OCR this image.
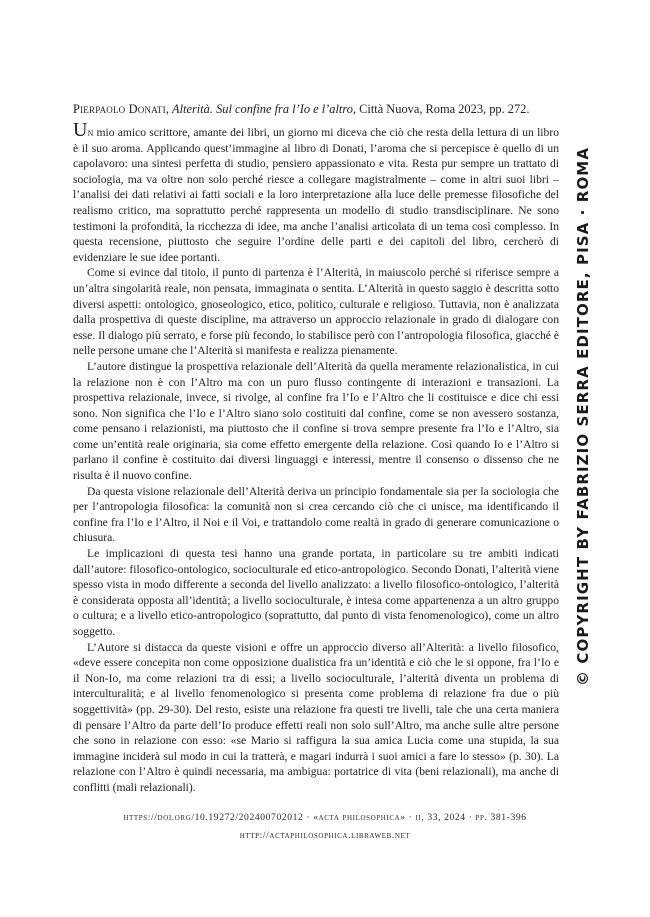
Pierpaolo Donati, Alterità. Sul confine fra l’Io e l’altro, Città Nuova, Roma 2023, pp. 272.

Un mio amico scrittore, amante dei libri, un giorno mi diceva che ciò che resta della lettura di un libro è il suo aroma. Applicando quest’immagine al libro di Donati, l’aroma che si percepisce è quello di un capolavoro: una sintesi perfetta di studio, pensiero appassionato e vita. Resta pur sempre un trattato di sociologia, ma va oltre non solo perché riesce a collegare magistralmente – come in altri suoi libri – l’analisi dei dati relativi ai fatti sociali e la loro interpretazione alla luce delle premesse filosofiche del realismo critico, ma soprattutto perché rappresenta un modello di studio transdisciplinare. Ne sono testimoni la profondità, la ricchezza di idee, ma anche l’analisi articolata di un tema così complesso. In questa recensione, piuttosto che seguire l’ordine delle parti e dei capitoli del libro, cercherò di evidenziare le sue idee portanti.

Come si evince dal titolo, il punto di partenza è l’Alterità, in maiuscolo perché si riferisce sempre a un’altra singolarità reale, non pensata, immaginata o sentita. L’Alterità in questo saggio è descritta sotto diversi aspetti: ontologico, gnoseologico, etico, politico, culturale e religioso. Tuttavia, non è analizzata dalla prospettiva di queste discipline, ma attraverso un approccio relazionale in grado di dialogare con esse. Il dialogo più serrato, e forse più fecondo, lo stabilisce però con l’antropologia filosofica, giacché è nelle persone umane che l’Alterità si manifesta e realizza pienamente.

L’autore distingue la prospettiva relazionale dell’Alterità da quella meramente relazionalistica, in cui la relazione non è con l’Altro ma con un puro flusso contingente di interazioni e transazioni. La prospettiva relazionale, invece, si rivolge, al confine fra l’Io e l’Altro che li costituisce e dice chi essi sono. Non significa che l’Io e l’Altro siano solo costituiti dal confine, come se non avessero sostanza, come pensano i relazionisti, ma piuttosto che il confine si trova sempre presente fra l’Io e l’Altro, sia come un’entità reale originaria, sia come effetto emergente della relazione. Così quando Io e l’Altro si parlano il confine è costituito dai diversi linguaggi e interessi, mentre il consenso o dissenso che ne risulta è il nuovo confine.

Da questa visione relazionale dell’Alterità deriva un principio fondamentale sia per la sociologia che per l’antropologia filosofica: la comunità non si crea cercando ciò che ci unisce, ma identificando il confine fra l’Io e l’Altro, il Noi e il Voi, e trattandolo come realtà in grado di generare comunicazione o chiusura.

Le implicazioni di questa tesi hanno una grande portata, in particolare su tre ambiti indicati dall’autore: filosofico-ontologico, socioculturale ed etico-antropologico. Secondo Donati, l’alterità viene spesso vista in modo differente a seconda del livello analizzato: a livello filosofico-ontologico, l’alterità è considerata opposta all’identità; a livello socioculturale, è intesa come appartenenza a un altro gruppo o cultura; e a livello etico-antropologico (soprattutto, dal punto di vista fenomenologico), come un altro soggetto.

L’Autore si distacca da queste visioni e offre un approccio diverso all’Alterità: a livello filosofico, «deve essere concepita non come opposizione dualistica fra un’identità e ciò che le si oppone, fra l’Io e il Non-Io, ma come relazioni tra di essi; a livello socioculturale, l’alterità diventa un problema di interculturalità; e al livello fenomenologico si presenta come problema di relazione fra due o più soggettività» (pp. 29-30). Del resto, esiste una relazione fra questi tre livelli, tale che una certa maniera di pensare l’Altro da parte dell’Io produce effetti reali non solo sull’Altro, ma anche sulle altre persone che sono in relazione con esso: «se Mario si raffigura la sua amica Lucia come una stupida, la sua immagine inciderà sul modo in cui la tratterà, e magari indurrà i suoi amici a fare lo stesso» (p. 30). La relazione con l’Altro è quindi necessaria, ma ambigua: portatrice di vita (beni relazionali), ma anche di conflitti (mali relazionali).

https://doi.org/10.19272/202400702012 · «acta philosophica» · ii, 33, 2024 · pp. 381-396
http://actaphilosophica.libraweb.net
© COPYRIGHT BY FABRIZIO SERRA EDITORE, PISA · ROMA
